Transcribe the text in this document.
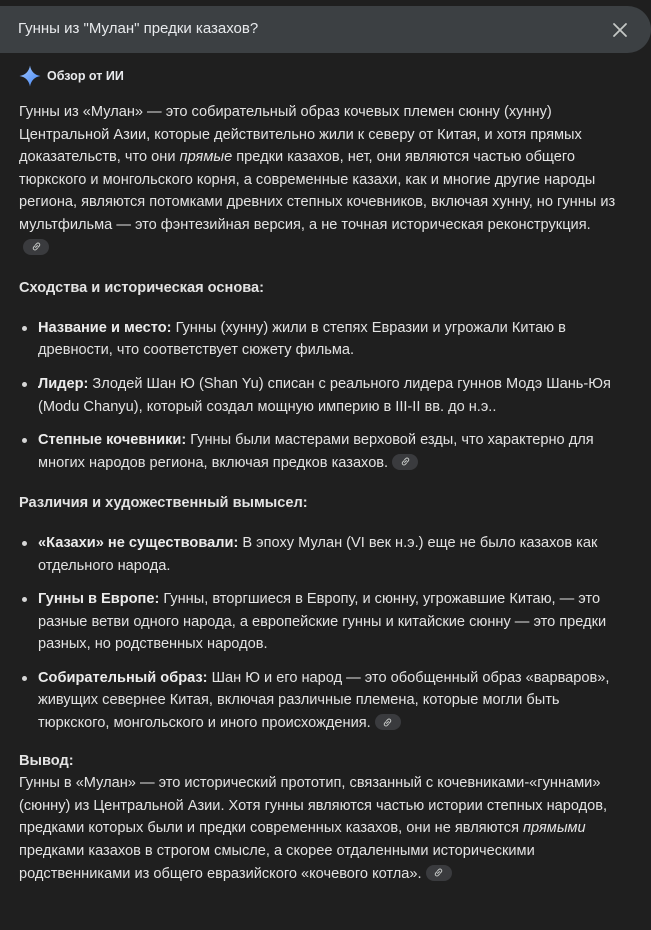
Гунны из "Мулан" предки казахов?
Обзор от ИИ

Гунны из «Мулан» — это собирательный образ кочевых племен сюнну (хунну) Центральной Азии, которые действительно жили к северу от Китая, и хотя прямых доказательств, что они прямые предки казахов, нет, они являются частью общего тюркского и монгольского корня, а современные казахи, как и многие другие народы региона, являются потомками древних степных кочевников, включая хунну, но гунны из мультфильма — это фэнтезийная версия, а не точная историческая реконструкция.

Сходства и историческая основа:

Название и место: Гунны (хунну) жили в степях Евразии и угрожали Китаю в древности, что соответствует сюжету фильма.
Лидер: Злодей Шан Ю (Shan Yu) списан с реального лидера гуннов Модэ Шань-Юя (Modu Chanyu), который создал мощную империю в III-II вв. до н.э..
Степные кочевники: Гунны были мастерами верховой езды, что характерно для многих народов региона, включая предков казахов.

Различия и художественный вымысел:

«Казахи» не существовали: В эпоху Мулан (VI век н.э.) еще не было казахов как отдельного народа.
Гунны в Европе: Гунны, вторгшиеся в Европу, и сюнну, угрожавшие Китаю, — это разные ветви одного народа, а европейские гунны и китайские сюнну — это предки разных, но родственных народов.
Собирательный образ: Шан Ю и его народ — это обобщенный образ «варваров», живущих севернее Китая, включая различные племена, которые могли быть тюркского, монгольского и иного происхождения.

Вывод:

Гунны в «Мулан» — это исторический прототип, связанный с кочевниками-«гуннами» (сюнну) из Центральной Азии. Хотя гунны являются частью истории степных народов, предками которых были и предки современных казахов, они не являются прямыми предками казахов в строгом смысле, а скорее отдаленными историческими родственниками из общего евразийского «кочевого котла».
